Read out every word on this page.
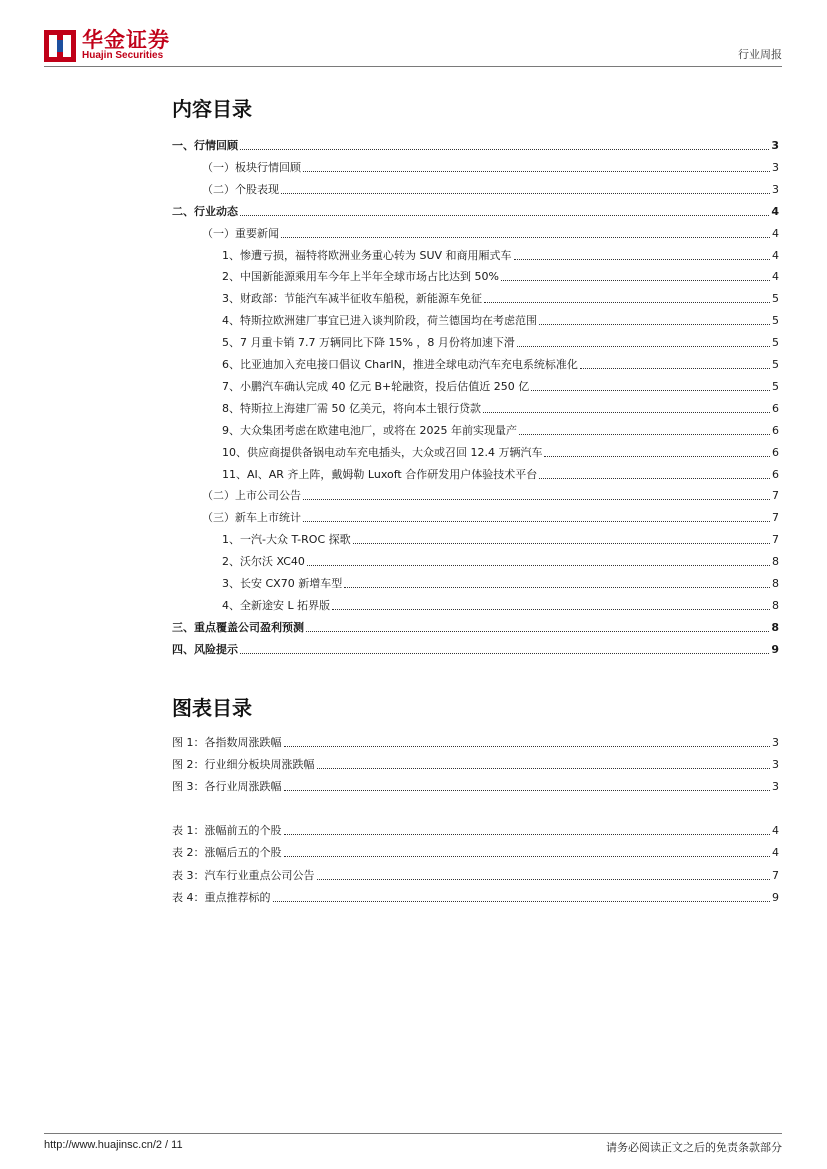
华金证券
Huajin Securities	行业周报
内容目录
一、行情回顾	3
（一）板块行情回顾	3
（二）个股表现	3
二、行业动态	4
（一）重要新闻	4
1、惨遭亏损，福特将欧洲业务重心转为 SUV 和商用厢式车	4
2、中国新能源乘用车今年上半年全球市场占比达到 50%	4
3、财政部：节能汽车减半征收车船税，新能源车免征	5
4、特斯拉欧洲建厂事宜已进入谈判阶段，荷兰德国均在考虑范围	5
5、7 月重卡销 7.7 万辆同比下降 15% ，8 月份将加速下滑	5
6、比亚迪加入充电接口倡议 CharIN，推进全球电动汽车充电系统标准化	5
7、小鹏汽车确认完成 40 亿元 B+轮融资，投后估值近 250 亿	5
8、特斯拉上海建厂需 50 亿美元，将向本土银行贷款	6
9、大众集团考虑在欧建电池厂，或将在 2025 年前实现量产	6
10、供应商提供备锅电动车充电插头，大众或召回 12.4 万辆汽车	6
11、AI、AR 齐上阵，戴姆勒 Luxoft 合作研发用户体验技术平台	6
（二）上市公司公告	7
（三）新车上市统计	7
1、一汽-大众 T-ROC 探歌	7
2、沃尔沃 XC40	8
3、长安 CX70 新增车型	8
4、全新途安 L 拓界版	8
三、重点覆盖公司盈利预测	8
四、风险提示	9
图表目录
图 1：各指数周涨跌幅	3
图 2：行业细分板块周涨跌幅	3
图 3：各行业周涨跌幅	3
表 1：涨幅前五的个股	4
表 2：涨幅后五的个股	4
表 3：汽车行业重点公司公告	7
表 4：重点推荐标的	9
http://www.huajinsc.cn/2 / 11	请务必阅读正文之后的免责条款部分
